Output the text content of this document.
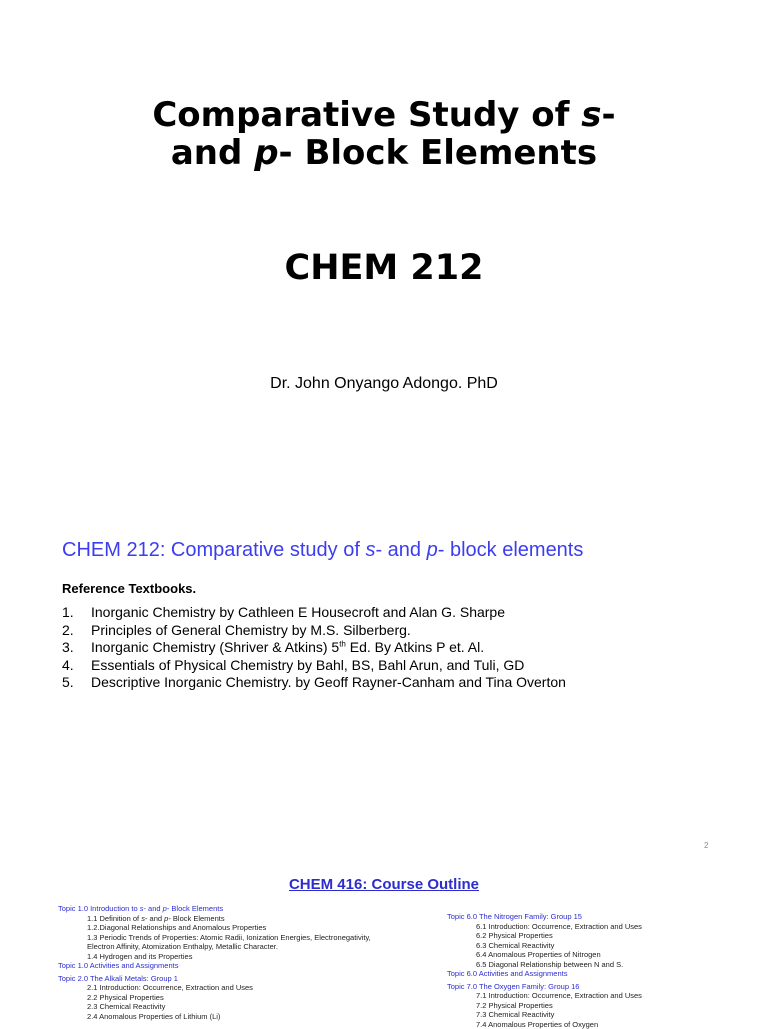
Comparative Study of s-
and p- Block Elements
CHEM 212
Dr. John Onyango Adongo. PhD
CHEM 212: Comparative study of s- and p- block elements
Reference Textbooks.
1. Inorganic Chemistry by Cathleen E Housecroft and Alan G. Sharpe
2. Principles of General Chemistry by M.S. Silberberg.
3. Inorganic Chemistry (Shriver & Atkins) 5th Ed. By Atkins P et. Al.
4. Essentials of Physical Chemistry by Bahl, BS, Bahl Arun, and Tuli, GD
5. Descriptive Inorganic Chemistry. by Geoff Rayner-Canham and Tina Overton
2
CHEM 416: Course Outline
Topic 1.0 Introduction to s- and p- Block Elements
1.1 Definition of s- and p- Block Elements
1.2.Diagonal Relationships and Anomalous Properties
1.3 Periodic Trends of Properties: Atomic Radii, Ionization Energies, Electronegativity,
Electron Affinity, Atomization Enthalpy, Metallic Character.
1.4 Hydrogen and its Properties
Topic 1.0 Activities and Assignments
Topic 2.0 The Alkali Metals: Group 1
2.1 Introduction: Occurrence, Extraction and Uses
2.2 Physical Properties
2.3 Chemical Reactivity
2.4 Anomalous Properties of Lithium (Li)
Topic 6.0 The Nitrogen Family: Group 15
6.1 Introduction: Occurrence, Extraction and Uses
6.2 Physical Properties
6.3 Chemical Reactivity
6.4 Anomalous Properties of Nitrogen
6.5 Diagonal Relationship between N and S.
Topic 6.0 Activities and Assignments
Topic 7.0 The Oxygen Family: Group 16
7.1 Introduction: Occurrence, Extraction and Uses
7.2 Physical Properties
7.3 Chemical Reactivity
7.4 Anomalous Properties of Oxygen
